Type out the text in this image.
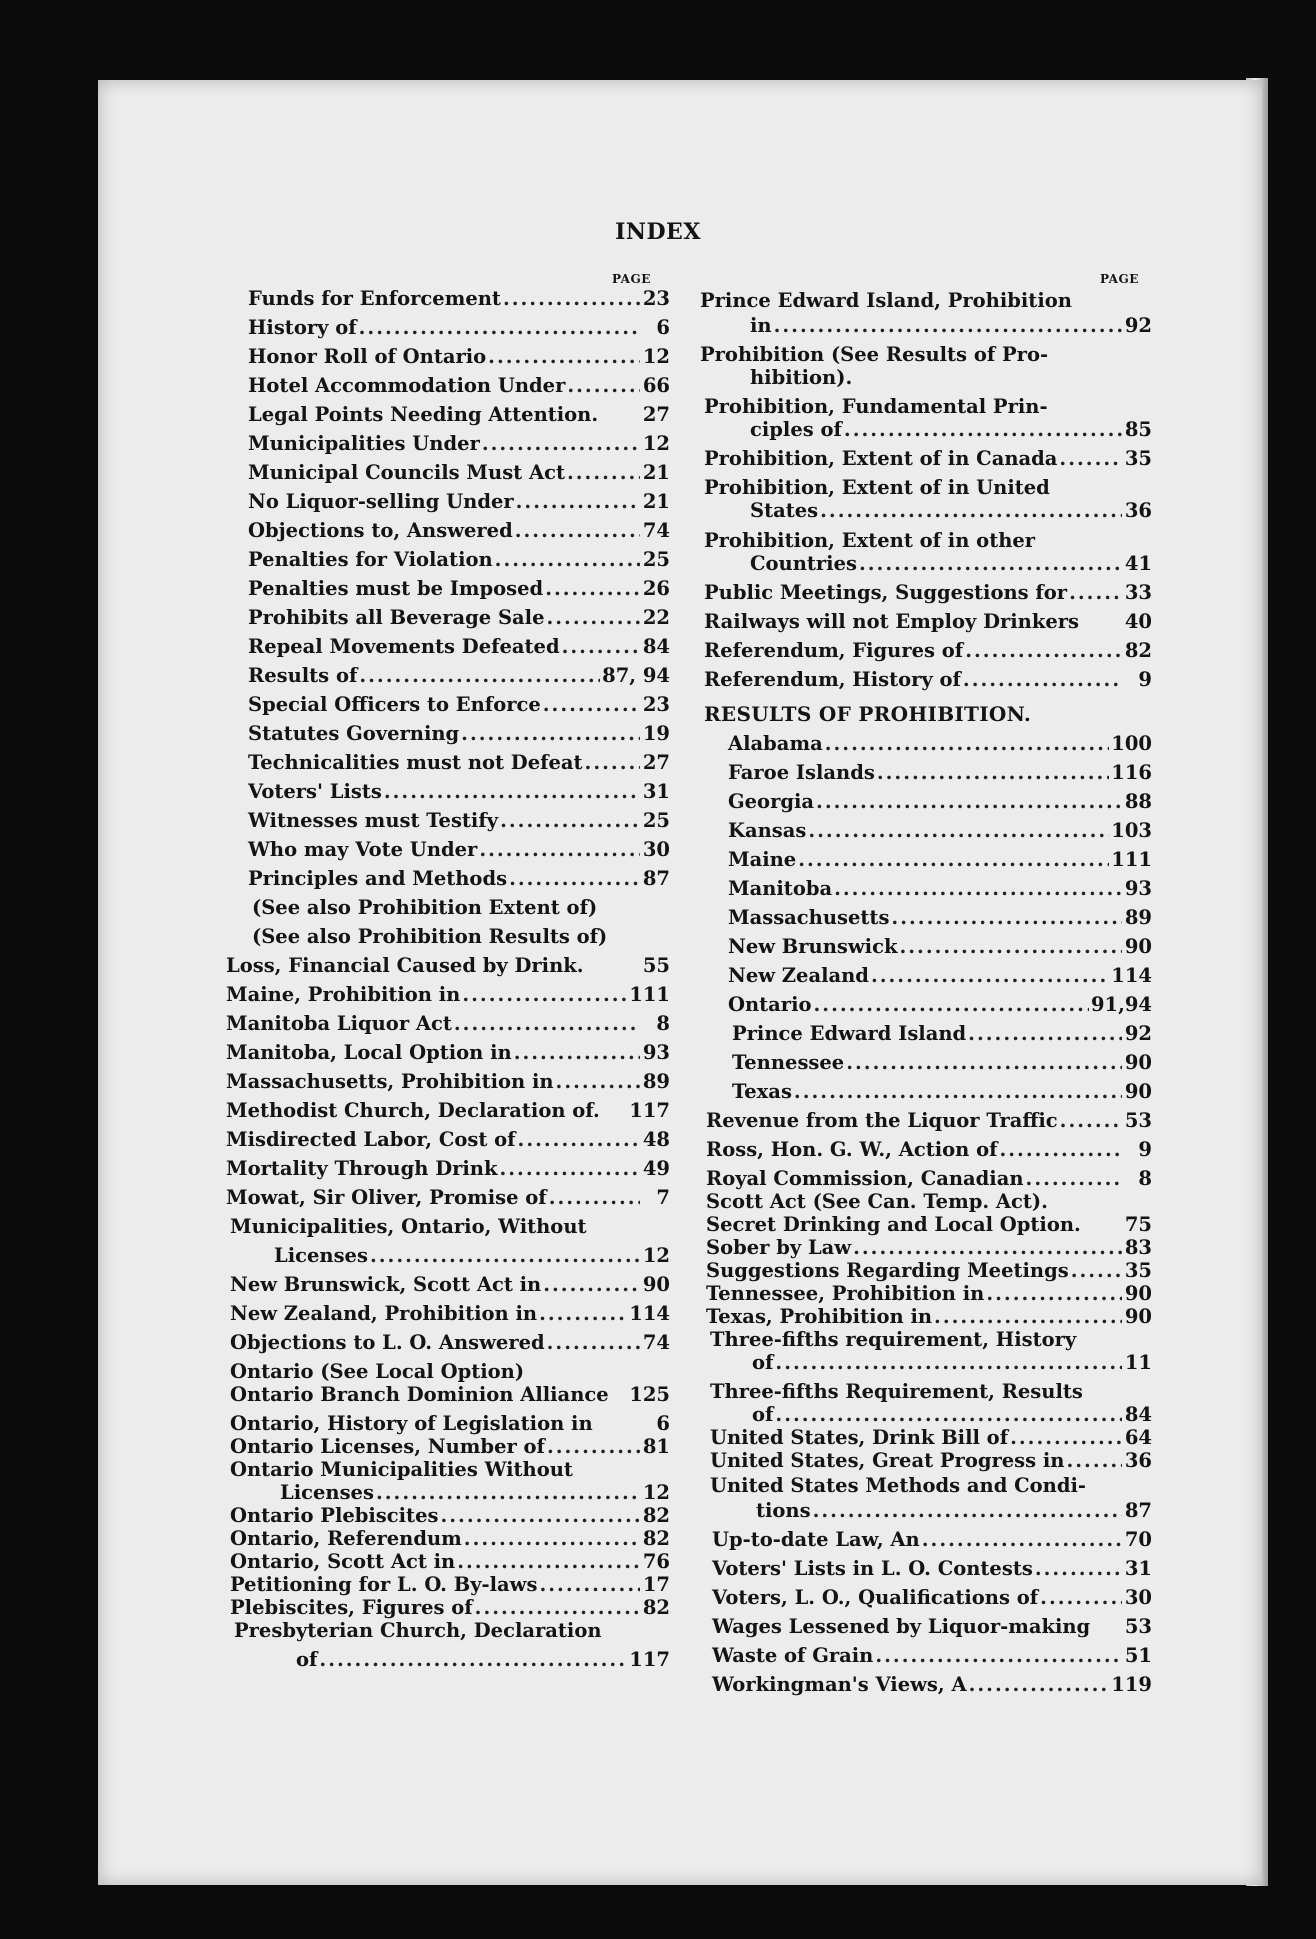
INDEX
PAGE	PAGE
Funds for Enforcement .....	23
History of .....	6
Honor Roll of Ontario .....	12
Hotel Accommodation Under .....	66
Legal Points Needing Attention. 27
Municipalities Under .....	12
Municipal Councils Must Act .....	21
No Liquor-selling Under .....	21
Objections to, Answered .....	74
Penalties for Violation .....	25
Penalties must be Imposed .....	26
Prohibits all Beverage Sale .....	22
Repeal Movements Defeated .....	84
Results of .....	87, 94
Special Officers to Enforce .....	23
Statutes Governing .....	19
Technicalities must not Defeat .....	27
Voters' Lists .....	31
Witnesses must Testify .....	25
Who may Vote Under .....	30
Principles and Methods .....	87
(See also Prohibition Extent of)
(See also Prohibition Results of)
Loss, Financial Caused by Drink.	55
Maine, Prohibition in .....	111
Manitoba Liquor Act .....	8
Manitoba, Local Option in .....	93
Massachusetts, Prohibition in .....	89
Methodist Church, Declaration of. 117
Misdirected Labor, Cost of .....	48
Mortality Through Drink .....	49
Mowat, Sir Oliver, Promise of .....	7
Municipalities, Ontario, Without
Licenses .....	12
New Brunswick, Scott Act in .....	90
New Zealand, Prohibition in .....	114
Objections to L. O. Answered .....	74
Ontario (See Local Option)
Ontario Branch Dominion Alliance 125
Ontario, History of Legislation in	6
Ontario Licenses, Number of .....	81
Ontario Municipalities Without
Licenses .....	12
Ontario Plebiscites .....	82
Ontario, Referendum .....	82
Ontario, Scott Act in .....	76
Petitioning for L. O. By-laws .....	17
Plebiscites, Figures of .....	82
Presbyterian Church, Declaration
of .....	117
Prince Edward Island, Prohibition
in .....	92
Prohibition (See Results of Pro-
hibition).
Prohibition, Fundamental Prin-
ciples of .....	85
Prohibition, Extent of in Canada .....	35
Prohibition, Extent of in United
States .....	36
Prohibition, Extent of in other
Countries .....	41
Public Meetings, Suggestions for .....	33
Railways will not Employ Drinkers 40
Referendum, Figures of .....	82
Referendum, History of .....	9
RESULTS OF PROHIBITION.
Alabama .....	100
Faroe Islands .....	116
Georgia .....	88
Kansas .....	103
Maine .....	111
Manitoba .....	93
Massachusetts .....	89
New Brunswick .....	90
New Zealand .....	114
Ontario .....	91,94
Prince Edward Island .....	92
Tennessee .....	90
Texas .....	90
Revenue from the Liquor Traffic .....	53
Ross, Hon. G. W., Action of .....	9
Royal Commission, Canadian .....	8
Scott Act (See Can. Temp. Act).
Secret Drinking and Local Option. 75
Sober by Law .....	83
Suggestions Regarding Meetings .....	35
Tennessee, Prohibition in .....	90
Texas, Prohibition in .....	90
Three-fifths requirement, History
of .....	11
Three-fifths Requirement, Results
of .....	84
United States, Drink Bill of .....	64
United States, Great Progress in .....	36
United States Methods and Condi-
tions .....	87
Up-to-date Law, An .....	70
Voters' Lists in L. O. Contests .....	31
Voters, L. O., Qualifications of .....	30
Wages Lessened by Liquor-making 53
Waste of Grain .....	51
Workingman's Views, A .....	119
